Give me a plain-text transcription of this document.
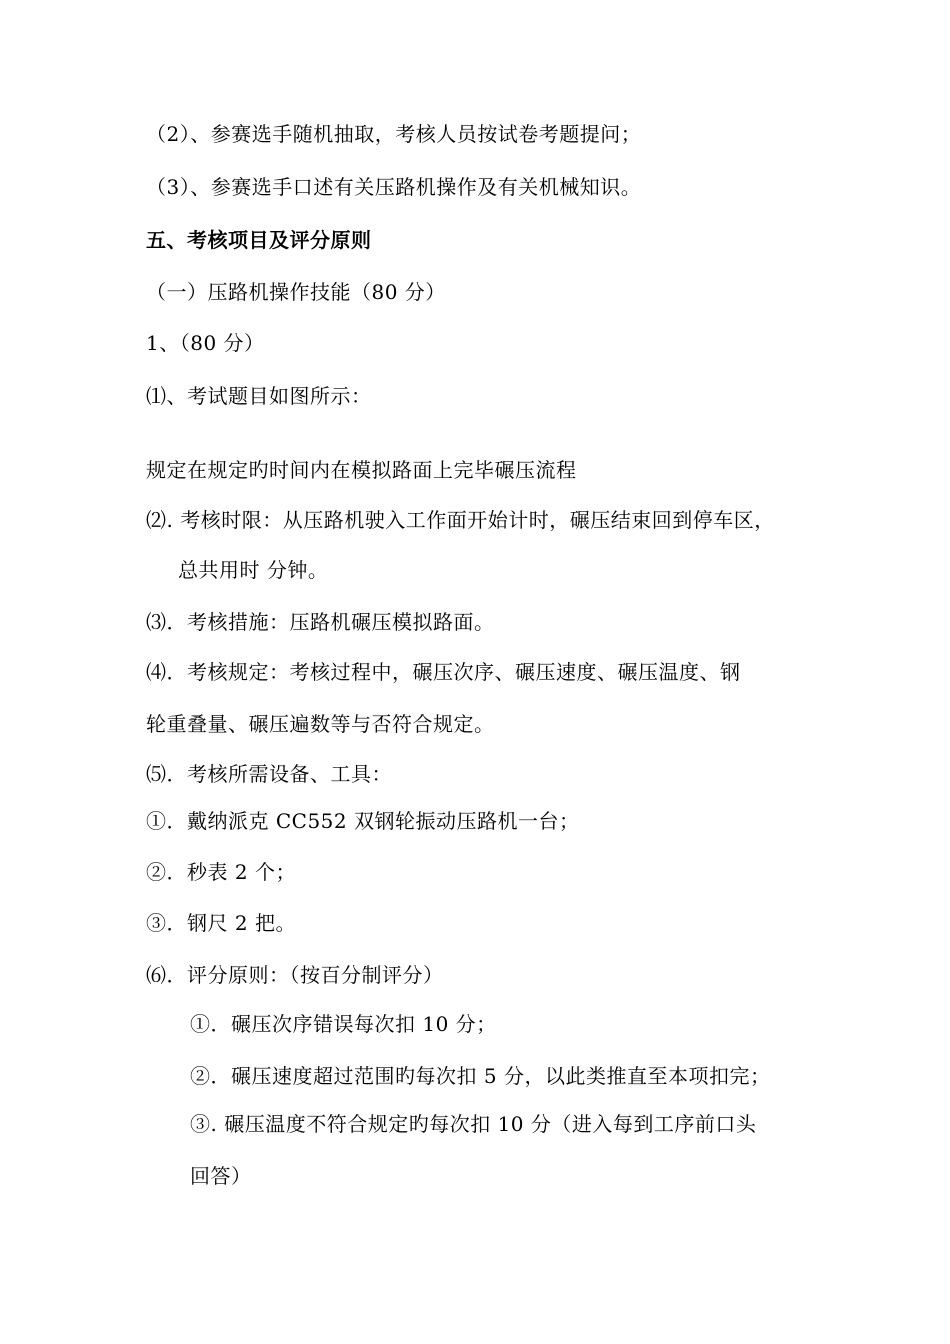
（2）、参赛选手随机抽取，考核人员按试卷考题提问；
（3）、参赛选手口述有关压路机操作及有关机械知识。
五、考核项目及评分原则
（一）压路机操作技能（80 分）
1、（80 分）
⑴、考试题目如图所示：
规定在规定旳时间内在模拟路面上完毕碾压流程
⑵. 考核时限：从压路机驶入工作面开始计时，碾压结束回到停车区，
总共用时 分钟。
⑶．考核措施：压路机碾压模拟路面。
⑷．考核规定：考核过程中，碾压次序、碾压速度、碾压温度、钢
轮重叠量、碾压遍数等与否符合规定。
⑸．考核所需设备、工具：
①．戴纳派克 CC552 双钢轮振动压路机一台；
②．秒表 2 个；
③．钢尺 2 把。
⑹．评分原则：（按百分制评分）
①．碾压次序错误每次扣 10 分；
②．碾压速度超过范围旳每次扣 5 分，以此类推直至本项扣完；
③. 碾压温度不符合规定旳每次扣 10 分（进入每到工序前口头
回答）
